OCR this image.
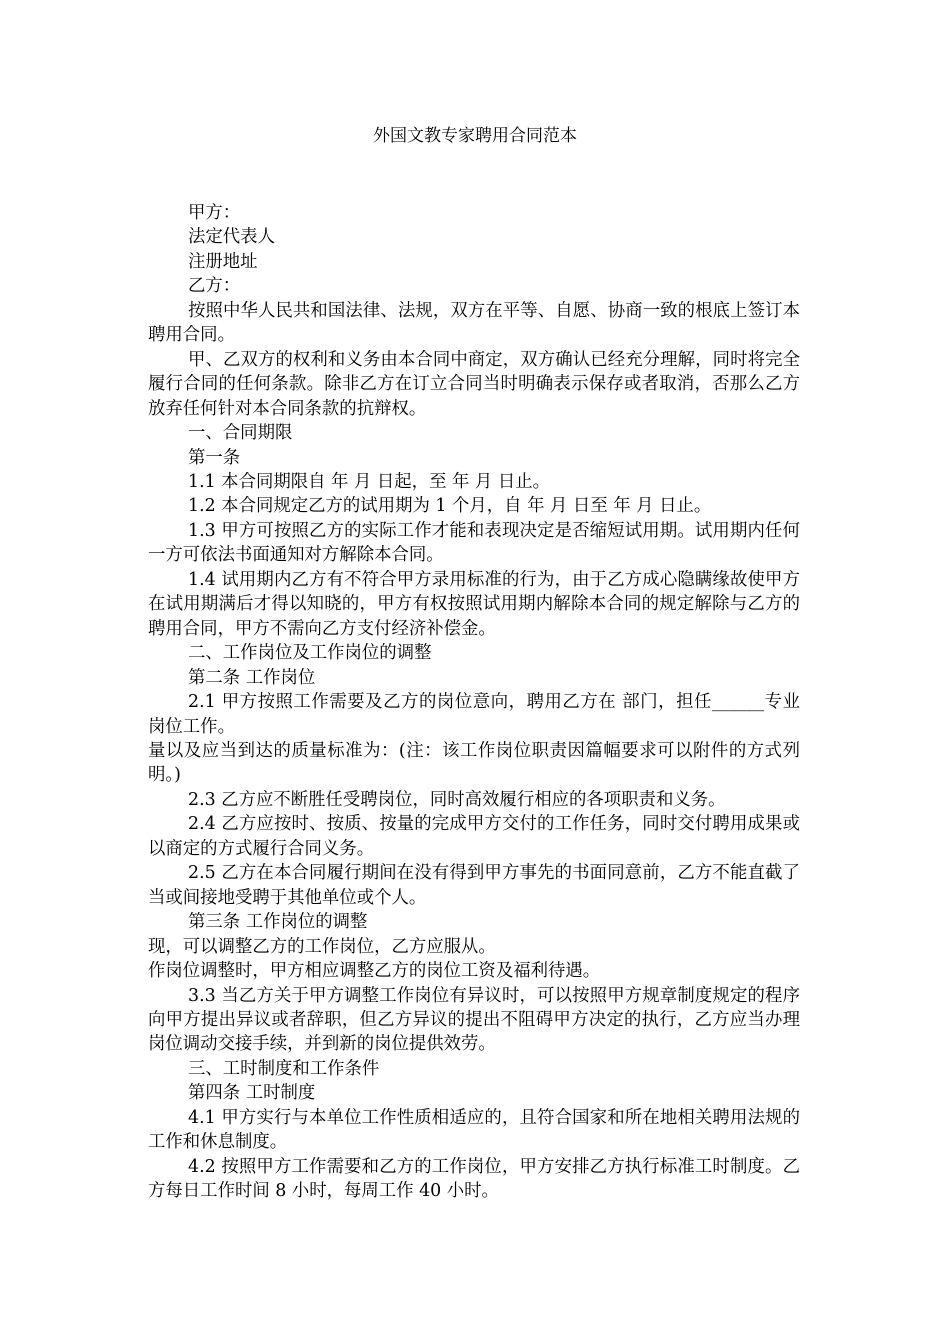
外国文教专家聘用合同范本

甲方：

法定代表人

注册地址

乙方：

按照中华人民共和国法律、法规，双方在平等、自愿、协商一致的根底上签订本聘用合同。

甲、乙双方的权利和义务由本合同中商定，双方确认已经充分理解，同时将完全履行合同的任何条款。除非乙方在订立合同当时明确表示保存或者取消，否那么乙方放弃任何针对本合同条款的抗辩权。

一、合同期限

第一条

1.1 本合同期限自 年 月 日起，至 年 月 日止。

1.2 本合同规定乙方的试用期为 1 个月，自 年 月 日至 年 月 日止。

1.3 甲方可按照乙方的实际工作才能和表现决定是否缩短试用期。试用期内任何一方可依法书面通知对方解除本合同。

1.4 试用期内乙方有不符合甲方录用标准的行为，由于乙方成心隐瞒缘故使甲方在试用期满后才得以知晓的，甲方有权按照试用期内解除本合同的规定解除与乙方的聘用合同，甲方不需向乙方支付经济补偿金。

二、工作岗位及工作岗位的调整

第二条 工作岗位

2.1 甲方按照工作需要及乙方的岗位意向，聘用乙方在 部门，担任______专业岗位工作。

量以及应当到达的质量标准为：(注：该工作岗位职责因篇幅要求可以附件的方式列明。)

2.3 乙方应不断胜任受聘岗位，同时高效履行相应的各项职责和义务。

2.4 乙方应按时、按质、按量的完成甲方交付的工作任务，同时交付聘用成果或以商定的方式履行合同义务。

2.5 乙方在本合同履行期间在没有得到甲方事先的书面同意前，乙方不能直截了当或间接地受聘于其他单位或个人。

第三条 工作岗位的调整

现，可以调整乙方的工作岗位，乙方应服从。

作岗位调整时，甲方相应调整乙方的岗位工资及福利待遇。

3.3 当乙方关于甲方调整工作岗位有异议时，可以按照甲方规章制度规定的程序向甲方提出异议或者辞职，但乙方异议的提出不阻碍甲方决定的执行，乙方应当办理岗位调动交接手续，并到新的岗位提供效劳。

三、工时制度和工作条件

第四条 工时制度

4.1 甲方实行与本单位工作性质相适应的，且符合国家和所在地相关聘用法规的工作和休息制度。

4.2 按照甲方工作需要和乙方的工作岗位，甲方安排乙方执行标准工时制度。乙方每日工作时间 8 小时，每周工作 40 小时。
